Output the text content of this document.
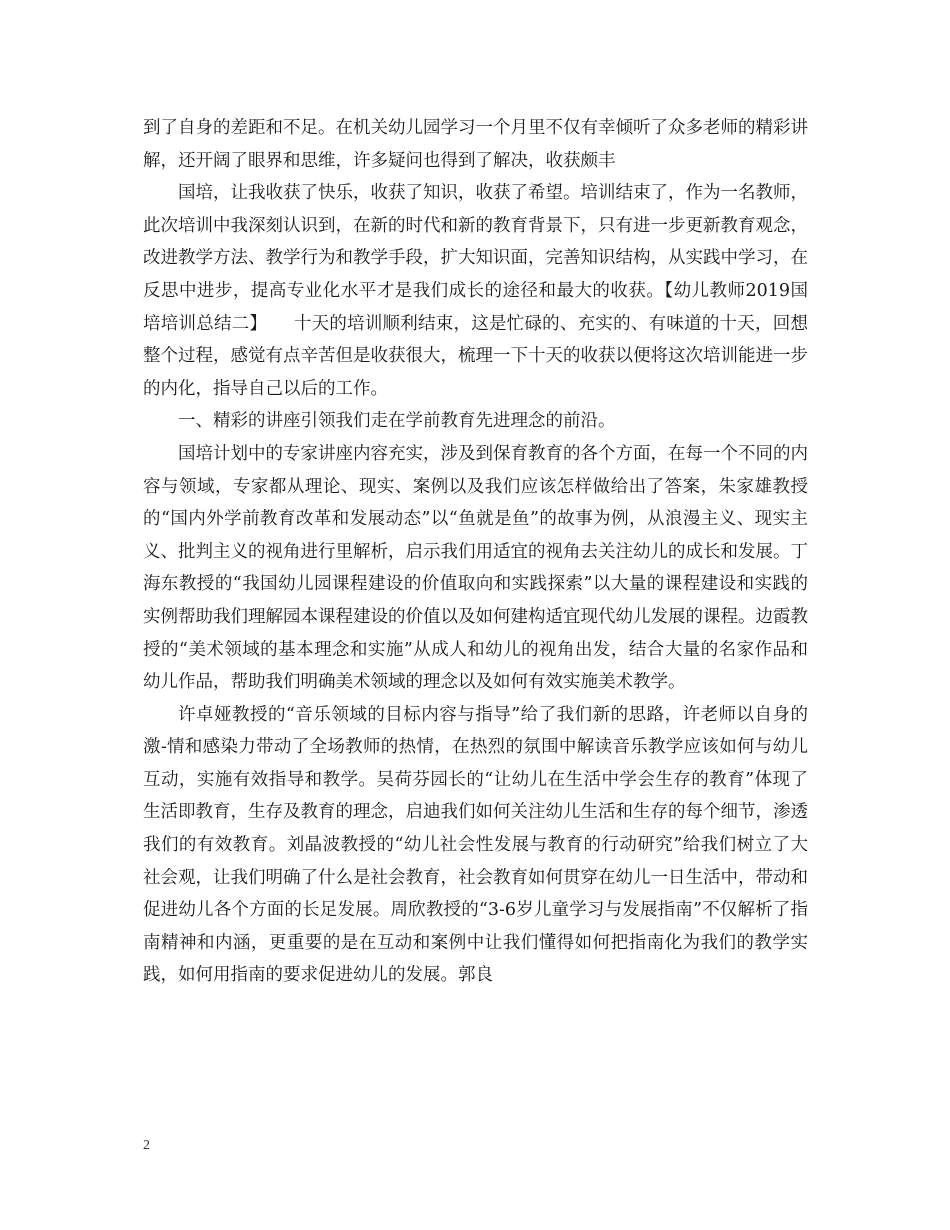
到了自身的差距和不足。在机关幼儿园学习一个月里不仅有幸倾听了众多老师的精彩讲解，还开阔了眼界和思维，许多疑问也得到了解决，收获颇丰

国培，让我收获了快乐，收获了知识，收获了希望。培训结束了，作为一名教师，此次培训中我深刻认识到，在新的时代和新的教育背景下，只有进一步更新教育观念，改进教学方法、教学行为和教学手段，扩大知识面，完善知识结构，从实践中学习，在反思中进步，提高专业化水平才是我们成长的途径和最大的收获。【幼儿教师2019国培培训总结二】　　十天的培训顺利结束，这是忙碌的、充实的、有味道的十天，回想整个过程，感觉有点辛苦但是收获很大，梳理一下十天的收获以便将这次培训能进一步的内化，指导自己以后的工作。

一、精彩的讲座引领我们走在学前教育先进理念的前沿。

国培计划中的专家讲座内容充实，涉及到保育教育的各个方面，在每一个不同的内容与领域，专家都从理论、现实、案例以及我们应该怎样做给出了答案，朱家雄教授的“国内外学前教育改革和发展动态”以“鱼就是鱼”的故事为例，从浪漫主义、现实主义、批判主义的视角进行里解析，启示我们用适宜的视角去关注幼儿的成长和发展。丁海东教授的“我国幼儿园课程建设的价值取向和实践探索”以大量的课程建设和实践的实例帮助我们理解园本课程建设的价值以及如何建构适宜现代幼儿发展的课程。边霞教授的“美术领域的基本理念和实施”从成人和幼儿的视角出发，结合大量的名家作品和幼儿作品，帮助我们明确美术领域的理念以及如何有效实施美术教学。

许卓娅教授的“音乐领域的目标内容与指导”给了我们新的思路，许老师以自身的激-情和感染力带动了全场教师的热情，在热烈的氛围中解读音乐教学应该如何与幼儿互动，实施有效指导和教学。吴荷芬园长的“让幼儿在生活中学会生存的教育”体现了生活即教育，生存及教育的理念，启迪我们如何关注幼儿生活和生存的每个细节，渗透我们的有效教育。刘晶波教授的“幼儿社会性发展与教育的行动研究”给我们树立了大社会观，让我们明确了什么是社会教育，社会教育如何贯穿在幼儿一日生活中，带动和促进幼儿各个方面的长足发展。周欣教授的“3-6岁儿童学习与发展指南”不仅解析了指南精神和内涵，更重要的是在互动和案例中让我们懂得如何把指南化为我们的教学实践，如何用指南的要求促进幼儿的发展。郭良

2
